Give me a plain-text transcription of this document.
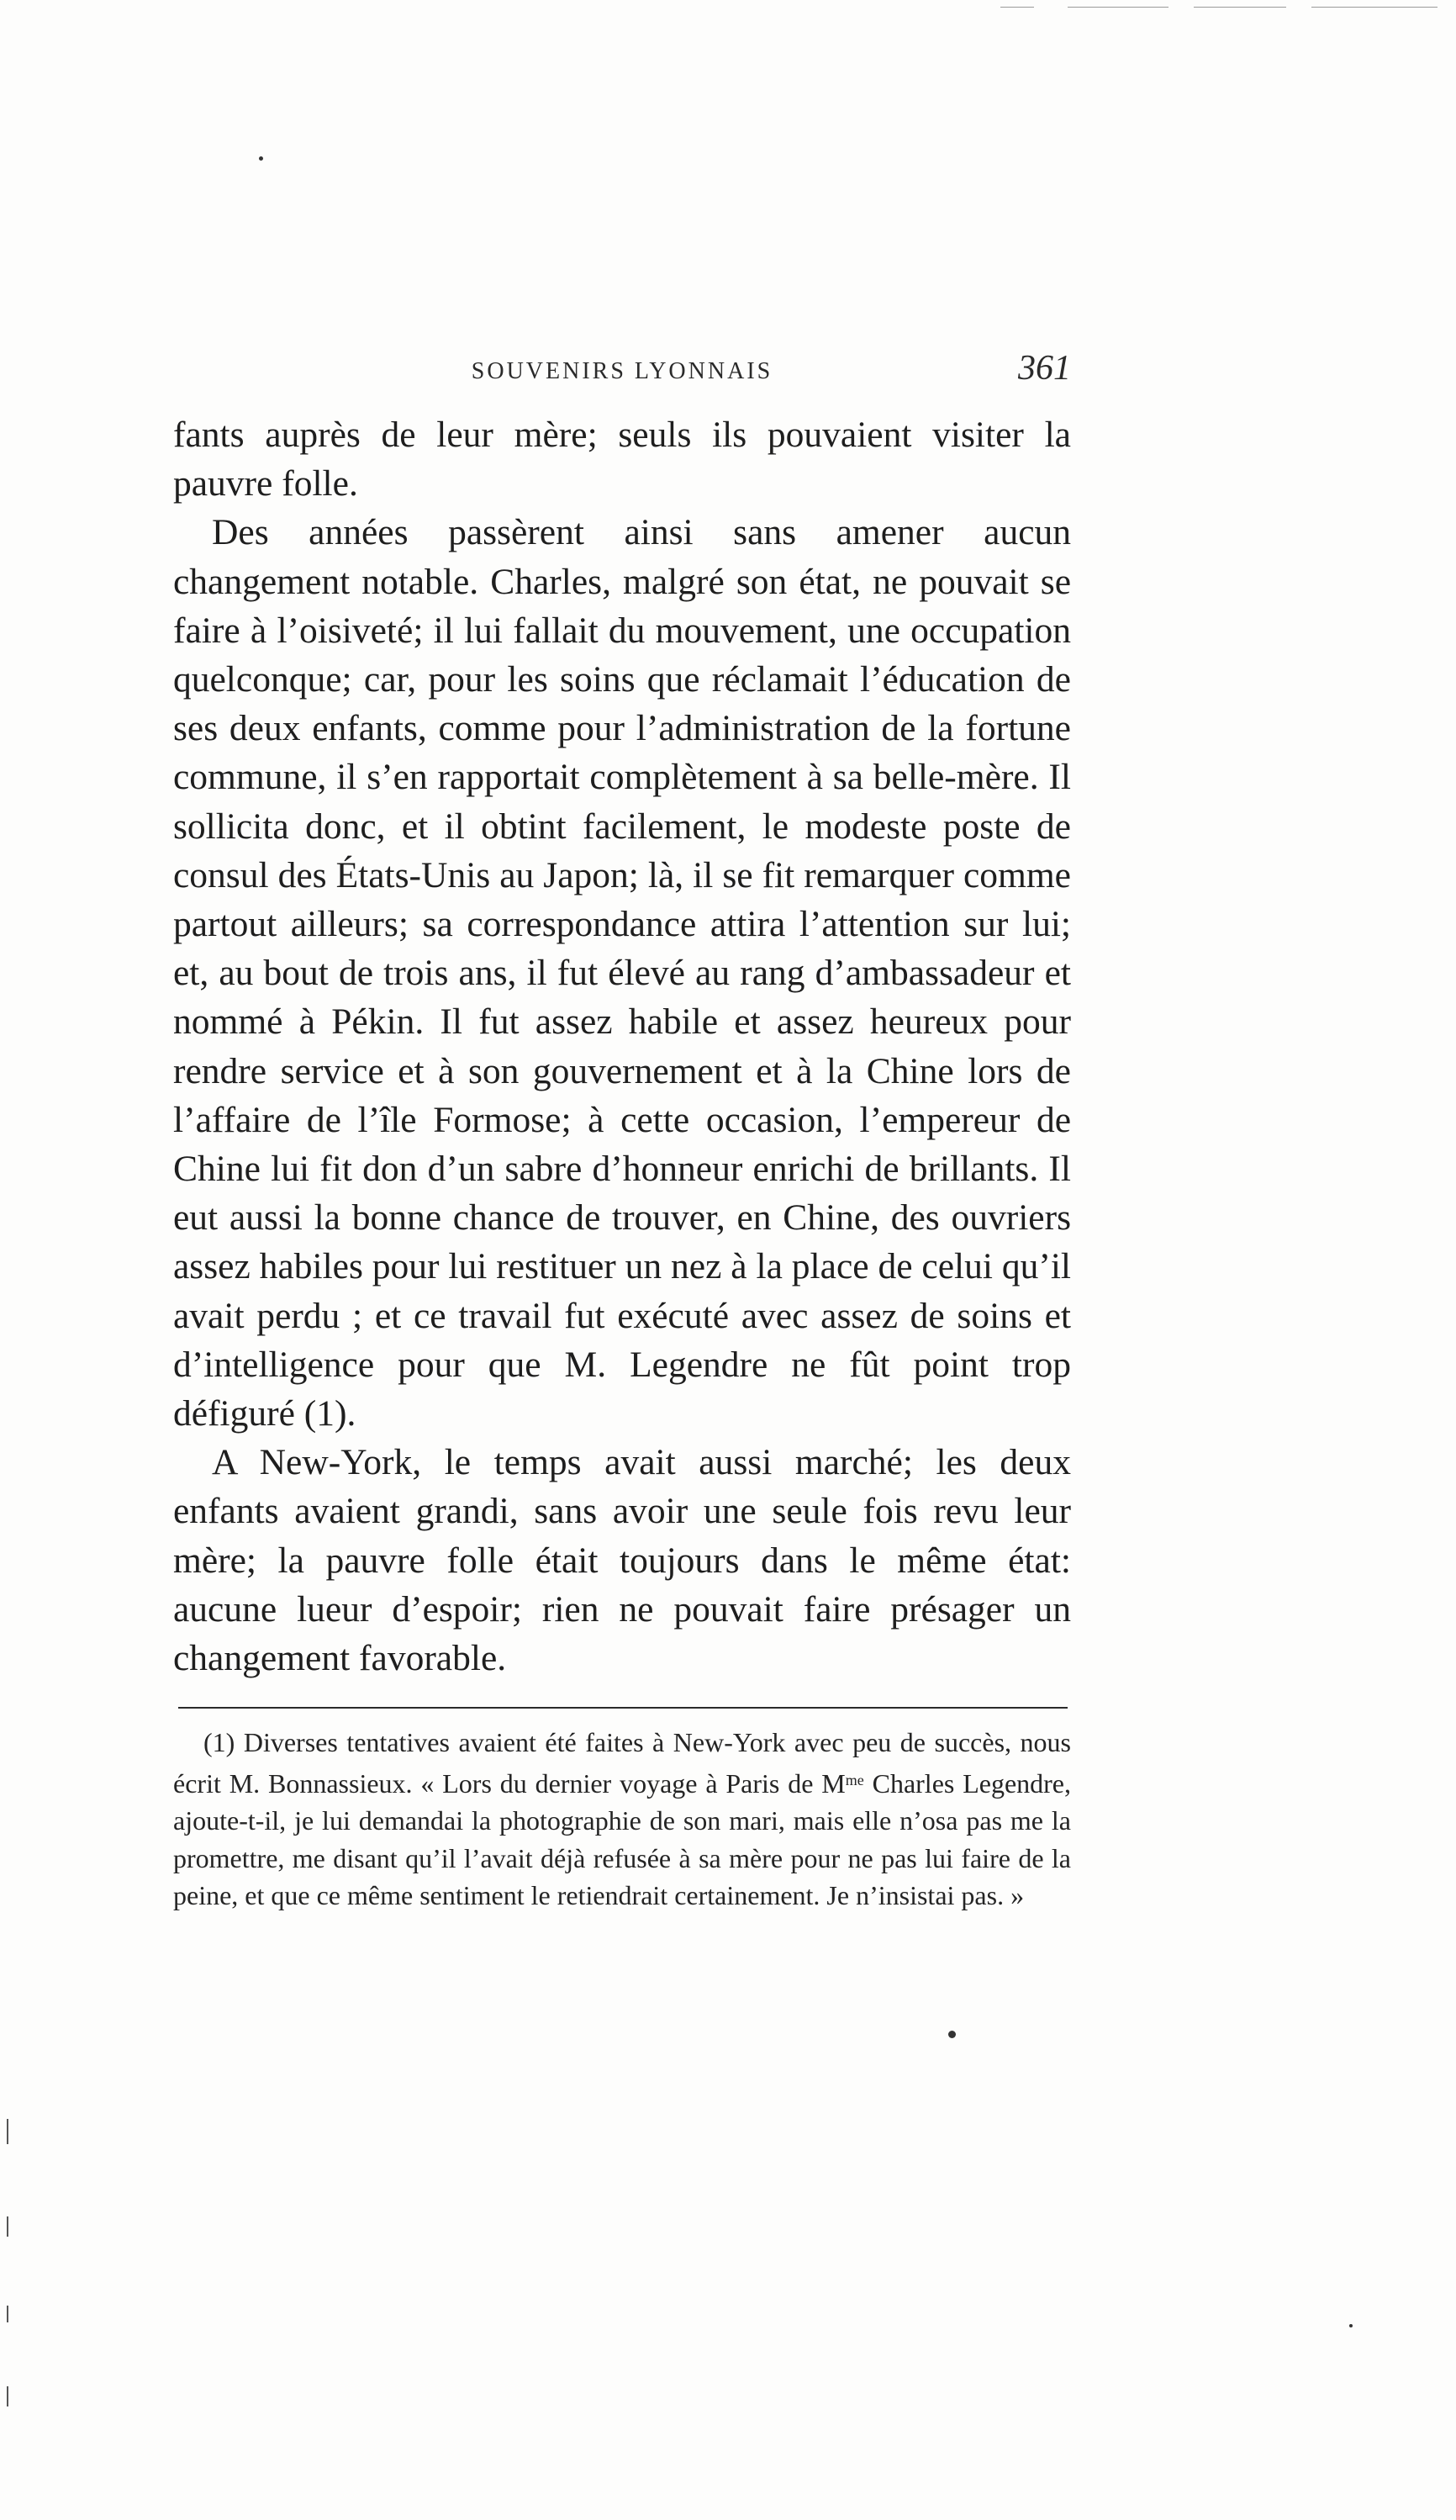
SOUVENIRS LYONNAIS	361

fants auprès de leur mère; seuls ils pouvaient visiter la pauvre folle.

Des années passèrent ainsi sans amener aucun changement notable. Charles, malgré son état, ne pouvait se faire à l’oisiveté; il lui fallait du mouvement, une occupation quelconque; car, pour les soins que réclamait l’éducation de ses deux enfants, comme pour l’administration de la fortune commune, il s’en rapportait complètement à sa belle-mère. Il sollicita donc, et il obtint facilement, le modeste poste de consul des États-Unis au Japon; là, il se fit remarquer comme partout ailleurs; sa correspondance attira l’attention sur lui; et, au bout de trois ans, il fut élevé au rang d’ambassadeur et nommé à Pékin. Il fut assez habile et assez heureux pour rendre service et à son gouvernement et à la Chine lors de l’affaire de l’île Formose; à cette occasion, l’empereur de Chine lui fit don d’un sabre d’honneur enrichi de brillants. Il eut aussi la bonne chance de trouver, en Chine, des ouvriers assez habiles pour lui restituer un nez à la place de celui qu’il avait perdu ; et ce travail fut exécuté avec assez de soins et d’intelligence pour que M. Legendre ne fût point trop défiguré (1).

A New-York, le temps avait aussi marché; les deux enfants avaient grandi, sans avoir une seule fois revu leur mère; la pauvre folle était toujours dans le même état: aucune lueur d’espoir; rien ne pouvait faire présager un changement favorable.

(1) Diverses tentatives avaient été faites à New-York avec peu de succès, nous écrit M. Bonnassieux. « Lors du dernier voyage à Paris de $M^{me}$ Charles Legendre, ajoute-t-il, je lui demandai la photographie de son mari, mais elle n’osa pas me la promettre, me disant qu’il l’avait déjà refusée à sa mère pour ne pas lui faire de la peine, et que ce même sentiment le retiendrait certainement. Je n’insistai pas. »
